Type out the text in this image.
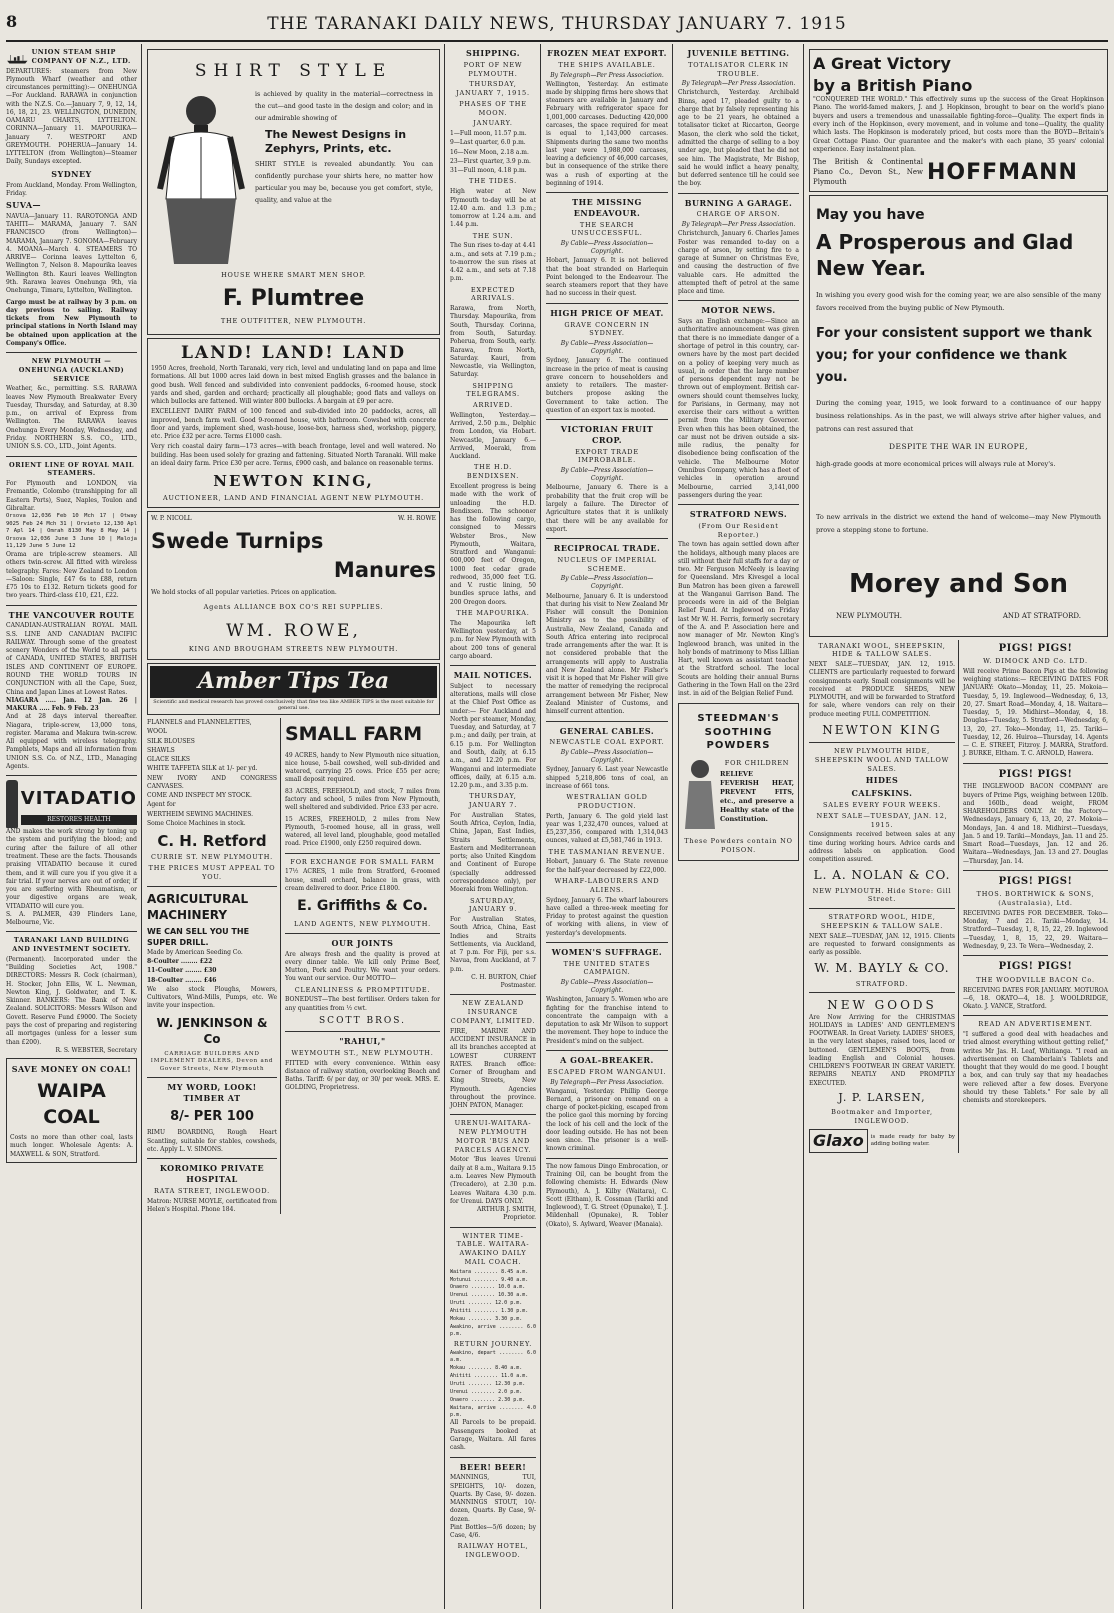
8	THE TARANAKI DAILY NEWS, THURSDAY JANUARY 7. 1915
UNION STEAM SHIP COMPANY OF N.Z., LTD.
DEPARTURES: steamers from New Plymouth Wharf (weather and other circumstances permitting):— ONEHUNGA—For Auckland. RARAWA in conjunction with the N.Z.S. Co.—January 7, 9, 12, 14, 16, 18, 21, 23. WELLINGTON, DUNEDIN, OAMARU CHARTS, LYTTELTON. CORINNA—January 11. MAPOURIKA—January 7. WESTPORT AND GREYMOUTH. POHERUA—January 14. LYTTELTON (from Wellington)—Steamer Daily, Sundays excepted.
SYDNEY
From Auckland, Monday. From Wellington, Friday.
SUVA—
NAVUA—January 11. RAROTONGA AND TAHITI— MARAMA, January 7. SAN FRANCISCO (from Wellington)— MARAMA, January 7. SONOMA—February 4. MOANA—March 4. STEAMERS TO ARRIVE— Corinna leaves Lyttelton 6, Wellington 7, Nelson 8. Mapourika leaves Wellington 8th. Kauri leaves Wellington 9th. Rarawa leaves Onehunga 9th, via Onehunga, Timaru, Lyttelton, Wellington.
Cargo must be at railway by 3 p.m. on day previous to sailing. Railway tickets from New Plymouth to principal stations in North Island may be obtained upon application at the Company's Office.
NEW PLYMOUTH — ONEHUNGA (AUCKLAND) SERVICE
Weather, &c., permitting. S.S. RARAWA leaves New Plymouth Breakwater Every Tuesday, Thursday, and Saturday, at 8.30 p.m., on arrival of Express from Wellington. The RARAWA leaves Onehunga Every Monday, Wednesday, and Friday. NORTHERN S.S. CO., LTD., UNION S.S. CO., LTD., Joint Agents.
ORIENT LINE OF ROYAL MAIL STEAMERS.
For Plymouth and LONDON, via Fremantle, Colombo (transhipping for all Eastern Ports), Suez, Naples, Toulon and Gibraltar.
Orsova 12,036 Feb 10 Mch 17 | Otway 9025 Feb 24 Mch 31 | Orvieto 12,130 Apl 7 Apl 14 | Omrah 8130 May 8 May 14 | Orsova 12,036 June 3 June 10 | Maloja 11,129 June 5 June 12
Orama are triple-screw steamers. All others twin-screw. All fitted with wireless telegraphy. Fares: New Zealand to London—Saloon: Single, £47 6s to £88, return £75 10s to £132. Return tickets good for two years. Third-class £10, £21, £22.
THE VANCOUVER ROUTE
CANADIAN-AUSTRALIAN ROYAL MAIL S.S. LINE AND CANADIAN PACIFIC RAILWAY. Through some of the greatest scenery Wonders of the World to all parts of CANADA, UNITED STATES, BRITISH ISLES AND CONTINENT OF EUROPE. ROUND THE WORLD TOURS IN CONJUNCTION with all the Cape, Suez, China and Japan Lines at Lowest Rates.
NIAGARA ..... Jan. 12 Jan. 26 | MAKURA ..... Feb. 9 Feb. 23
And at 28 days interval thereafter. Niagara, triple-screw, 13,000 tons, register. Marama and Makura twin-screw. All equipped with wireless telegraphy. Pamphlets, Maps and all information from UNION S.S. Co. of N.Z., LTD., Managing Agents.
VITADATIO
RESTORES HEALTH
AND makes the work strong by toning up the system and purifying the blood; and curing after the failure of all other treatment. These are the facts. Thousands praising VITADATIO because it cured them, and it will cure you if you give it a fair trial. If your nerves are out of order, if you are suffering with Rheumatism, or your digestive organs are weak, VITADATIO will cure you.
S. A. PALMER, 439 Flinders Lane, Melbourne, Vic.
TARANAKI LAND BUILDING AND INVESTMENT SOCIETY.
(Permanent). Incorporated under the "Building Societies Act, 1908." DIRECTORS: Messrs R. Cock (chairman), H. Stocker, John Ellis, W. L. Newman, Newton King, J. Goldwater, and T. K. Skinner. BANKERS: The Bank of New Zealand. SOLICITORS: Messrs Wilson and Govett. Reserve Fund £9000. The Society pays the cost of preparing and registering all mortgages (unless for a lesser sum than £200).
R. S. WEBSTER, Secretary
SAVE MONEY ON COAL!
WAIPA COAL
Costs no more than other coal, lasts much longer. Wholesale Agents: A. MAXWELL & SON, Stratford.
SHIRT STYLE
is achieved by quality in the material—correctness in the cut—and good taste in the design and color; and in our admirable showing of
The Newest Designs in Zephyrs, Prints, etc.
SHIRT STYLE is revealed abundantly. You can confidently purchase your shirts here, no matter how particular you may be, because you get comfort, style, quality, and value at the
HOUSE WHERE SMART MEN SHOP.
F. Plumtree
THE OUTFITTER, NEW PLYMOUTH.
LAND! LAND! LAND
1950 Acres, freehold, North Taranaki, very rich, level and undulating land on papa and lime formations. All but 1000 acres laid down in best mixed English grasses and the balance in good bush. Well fenced and subdivided into convenient paddocks, 6-roomed house, stock yards and shed, garden and orchard; practically all ploughable; good flats and valleys on which bullocks are fattened. Will winter 800 bullocks. A bargain at £9 per acre.
EXCELLENT DAIRY FARM of 100 fenced and sub-divided into 20 paddocks, acres, all improved, bench farm well. Good 9-roomed house, with bathroom. Cowshed with concrete floor and yards, implement shed, wash-house, loose-box, harness shed, workshop, piggery, etc. Price £32 per acre. Terms £1000 cash.
Very rich coastal dairy farm—173 acres—with beach frontage, level and well watered. No building. Has been used solely for grazing and fattening. Situated North Taranaki. Will make an ideal dairy farm. Price £30 per acre. Terms, £900 cash, and balance on reasonable terms.
NEWTON KING,
AUCTIONEER, LAND AND FINANCIAL AGENT NEW PLYMOUTH.
W. P. NICOLL	W. H. ROWE
Swede Turnips
Manures
We hold stocks of all popular varieties. Prices on application.
Agents ALLIANCE BOX CO'S REI SUPPLIES.
WM. ROWE,
KING AND BROUGHAM STREETS NEW PLYMOUTH.
Amber Tips Tea
Scientific and medical research has proved conclusively that fine tea like AMBER TIPS is the most suitable for general use.

FLANNELS and FLANNELETTES,

WOOL

SILK BLOUSES

SHAWLS

GLACE SILKS

WHITE TAFFETA SILK at 1/- per yd.

NEW IVORY AND CONGRESS CANVASES.

COME AND INSPECT MY STOCK.

Agent for

WERTHEIM SEWING MACHINES.

Some Choice Machines in stock.

C. H. Retford
CURRIE ST. NEW PLYMOUTH.
THE PRICES MUST APPEAL TO YOU.
AGRICULTURAL MACHINERY
WE CAN SELL YOU THE SUPER DRILL.
Made by American Seeding Co.

8-Coulter ........ £22

11-Coulter ........ £30

18-Coulter ........ £46

We also stock Ploughs, Mowers, Cultivators, Wind-Mills, Pumps, etc. We invite your inspection.
W. JENKINSON & Co
CARRIAGE BUILDERS AND IMPLEMENT DEALERS, Devon and Gover Streets, New Plymouth
MY WORD, LOOK! TIMBER AT
8/- PER 100
RIMU BOARDING, Rough Heart Scantling, suitable for stables, cowsheds, etc. Apply L. V. SIMONS.
KOROMIKO PRIVATE HOSPITAL
RATA STREET, INGLEWOOD.
Matron: NURSE MOYLE, certificated from Helen's Hospital. Phone 184.
SMALL FARM
49 ACRES, handy to New Plymouth nice situation, nice house, 5-bail cowshed, well sub-divided and watered, carrying 25 cows. Price £55 per acre; small deposit required.
83 ACRES, FREEHOLD, and stock, 7 miles from factory and school, 5 miles from New Plymouth, well sheltered and subdivided. Price £33 per acre.
15 ACRES, FREEHOLD, 2 miles from New Plymouth, 5-roomed house, all in grass, well watered, all level land, ploughable, good metalled road. Price £1900, only £250 required down.
FOR EXCHANGE FOR SMALL FARM
17½ ACRES, 1 mile from Stratford, 6-roomed house, small orchard, balance in grass, with cream delivered to door. Price £1800.
E. Griffiths & Co.
LAND AGENTS, NEW PLYMOUTH.
OUR JOINTS
Are always fresh and the quality is proved at every dinner table. We kill only Prime Beef, Mutton, Pork and Poultry. We want your orders. You want our service. Our MOTTO—
CLEANLINESS & PROMPTITUDE.
BONEDUST—The best fertiliser. Orders taken for any quantities from ½ cwt.
SCOTT BROS.
"RAHUI,"
WEYMOUTH ST., NEW PLYMOUTH.
FITTED with every convenience. Within easy distance of railway station, overlooking Beach and Baths. Tariff: 6/ per day, or 30/ per week. MRS. E. GOLDING, Proprietress.
SHIPPING.
PORT OF NEW PLYMOUTH.
THURSDAY, JANUARY 7, 1915.
PHASES OF THE MOON.
JANUARY.

1—Full moon, 11.57 p.m.

9—Last quarter, 6.0 p.m.

16—New Moon, 2.18 a.m.

23—First quarter, 3.9 p.m.

31—Full moon, 4.18 p.m.

THE TIDES.
High water at New Plymouth to-day will be at 12.40 a.m. and 1.3 p.m.; tomorrow at 1.24 a.m. and 1.44 p.m.
THE SUN.
The Sun rises to-day at 4.41 a.m., and sets at 7.19 p.m.; to-morrow the sun rises at 4.42 a.m., and sets at 7.18 p.m.
EXPECTED ARRIVALS.
Rarawa, from North, Thursday. Mapourika, from South, Thursday. Corinna, from South, Saturday. Poherua, from South, early. Rarawa, from North, Saturday. Kauri, from Newcastle, via Wellington, Saturday.
SHIPPING TELEGRAMS.
ARRIVED.
Wellington, Yesterday.—Arrived, 2.50 p.m., Delphic from London, via Hobart. Newcastle, January 6.—Arrived, Moeraki, from Auckland.
THE H.D. BENDIXSEN.
Excellent progress is being made with the work of unloading the H.D. Bendixsen. The schooner has the following cargo, consigned to Messrs Webster Bros., New Plymouth, Waitara, Stratford and Wanganui: 600,000 feet of Oregon, 1000 feet cedar grade redwood, 35,000 feet T.G. and V. rustic lining, 50 bundles spruce laths, and 200 Oregon doors.
THE MAPOURIKA.
The Mapourika left Wellington yesterday, at 5 p.m. for New Plymouth with about 200 tons of general cargo aboard.
MAIL NOTICES.
Subject to necessary alterations, mails will close at the Chief Post Office as under:— For Auckland and North per steamer, Monday, Tuesday, and Saturday, at 7 p.m.; and daily, per train, at 6.15 p.m. For Wellington and South, daily, at 6.15 a.m., and 12.20 p.m. For Wanganui and intermediate offices, daily, at 6.15 a.m. 12.20 p.m., and 3.35 p.m.
THURSDAY, JANUARY 7.
For Australian States, South Africa, Ceylon, India, China, Japan, East Indies, Straits Settlements, Eastern and Mediterranean ports; also United Kingdom and Continent of Europe (specially addressed correspondence only), per Moeraki from Wellington.
SATURDAY, JANUARY 9.
For Australian States, South Africa, China, East Indies and Straits Settlements, via Auckland, at 7 p.m. For Fiji, per s.s. Navua, from Auckland, at 7 p.m.
C. H. BURTON, Chief Postmaster.
NEW ZEALAND INSURANCE COMPANY, LIMITED.
FIRE, MARINE AND ACCIDENT INSURANCE in all its branches accepted at LOWEST CURRENT RATES. Branch office: Corner of Brougham and King Streets, New Plymouth. Agencies throughout the province. JOHN PATON, Manager.
URENUI-WAITARA-NEW PLYMOUTH MOTOR 'BUS AND PARCELS AGENCY.
Motor 'Bus leaves Urenui daily at 8 a.m., Waitara 9.15 a.m. Leaves New Plymouth (Trecadero), at 2.30 p.m. Leaves Waitara 4.30 p.m. for Urenui. DAYS ONLY.
ARTHUR J. SMITH, Proprietor.
WINTER TIME-TABLE. WAITARA-AWAKINO DAILY MAIL COACH.

Waitara ........ 8.45 a.m.

Motunui ........ 9.40 a.m.

Onaero ........ 10.0 a.m.

Urenui ........ 10.30 a.m.

Uruti ........ 12.0 p.m.

Ahititi ........ 1.30 p.m.

Mokau ........ 3.30 p.m.

Awakino, arrive ........ 6.0 p.m.

RETURN JOURNEY.

Awakino, depart ........ 6.0 a.m.

Mokau ........ 8.40 a.m.

Ahititi ........ 11.0 a.m.

Uruti ........ 12.30 p.m.

Urenui ........ 2.0 p.m.

Onaero ........ 2.30 p.m.

Waitara, arrive ........ 4.0 p.m.

All Parcels to be prepaid. Passengers booked at Garage, Waitara. All fares cash.
BEER! BEER!
MANNINGS, TUI, SPEIGHTS, 10/- dozen, Quarts. By Case, 9/- dozen. MANNINGS STOUT, 10/- dozen, Quarts. By Case, 9/- dozen.
Pint Bottles—5/6 dozen; by Case, 4/6.
RAILWAY HOTEL, INGLEWOOD.
FROZEN MEAT EXPORT.
THE SHIPS AVAILABLE.
By Telegraph—Per Press Association.
Wellington, Yesterday. An estimate made by shipping firms here shows that steamers are available in January and February with refrigerator space for 1,001,000 carcases. Deducting 420,000 carcases, the space required for meat is equal to 1,143,000 carcases. Shipments during the same two months last year were 1,988,000 carcases, leaving a deficiency of 46,000 carcases, but in consequence of the strike there was a rush of exporting at the beginning of 1914.
THE MISSING ENDEAVOUR.
THE SEARCH UNSUCCESSFUL.
By Cable—Press Association—Copyright.
Hobart, January 6. It is not believed that the boat stranded on Harlequin Point belonged to the Endeavour. The search steamers report that they have had no success in their quest.
HIGH PRICE OF MEAT.
GRAVE CONCERN IN SYDNEY.
By Cable—Press Association—Copyright.
Sydney, January 6. The continued increase in the price of meat is causing grave concern to householders and anxiety to retailers. The master-butchers propose asking the Government to take action. The question of an export tax is mooted.
VICTORIAN FRUIT CROP.
EXPORT TRADE IMPROBABLE.
By Cable—Press Association—Copyright.
Melbourne, January 6. There is a probability that the fruit crop will be largely a failure. The Director of Agriculture states that it is unlikely that there will be any available for export.
RECIPROCAL TRADE.
NUCLEUS OF IMPERIAL SCHEME.
By Cable—Press Association—Copyright.
Melbourne, January 6. It is understood that during his visit to New Zealand Mr Fisher will consult the Dominion Ministry as to the possibility of Australia, New Zealand, Canada and South Africa entering into reciprocal trade arrangements after the war. It is not considered probable that the arrangements will apply to Australia and New Zealand alone. Mr Fisher's visit it is hoped that Mr Fisher will give the matter of remedying the reciprocal arrangement between Mr Fisher, New Zealand Minister of Customs, and himself current attention.
GENERAL CABLES.
NEWCASTLE COAL EXPORT.
By Cable—Press Association—Copyright.
Sydney, January 6. Last year Newcastle shipped 5,218,806 tons of coal, an increase of 661 tons.
WESTRALIAN GOLD PRODUCTION.
Perth, January 6. The gold yield last year was 1,232,470 ounces, valued at £5,237,356, compared with 1,314,043 ounces, valued at £5,581,746 in 1913.
THE TASMANIAN REVENUE.
Hobart, January 6. The State revenue for the half-year decreased by £22,000.
WHARF-LABOURERS AND ALIENS.
Sydney, January 6. The wharf labourers have called a three-week meeting for Friday to protest against the question of working with aliens, in view of yesterday's developments.
WOMEN'S SUFFRAGE.
THE UNITED STATES CAMPAIGN.
By Cable—Press Association—Copyright.
Washington, January 5. Women who are fighting for the franchise intend to concentrate the campaign with a deputation to ask Mr Wilson to support the movement. They hope to induce the President's mind on the subject.
A GOAL-BREAKER.
ESCAPED FROM WANGANUI.
By Telegraph—Per Press Association.
Wanganui, Yesterday. Phillip George Bernard, a prisoner on remand on a charge of pocket-picking, escaped from the police gaol this morning by forcing the lock of his cell and the lock of the door leading outside. He has not been seen since. The prisoner is a well-known criminal.
The now famous Dingo Embrocation, or Training Oil, can be bought from the following chemists: H. Edwards (New Plymouth), A. J. Kilby (Waitara), C. Scott (Eltham), R. Cossman (Tariki and Inglewood), T. G. Street (Opunake), T. J. Mildenhall (Opunake), R. Tobler (Okato), S. Aylward, Weaver (Manaia).
JUVENILE BETTING.
TOTALISATOR CLERK IN TROUBLE.
By Telegraph—Per Press Association.
Christchurch, Yesterday. Archibald Binns, aged 17, pleaded guilty to a charge that by falsely representing his age to be 21 years, he obtained a totalisator ticket at Riccarton, George Mason, the clerk who sold the ticket, admitted the charge of selling to a boy under age, but pleaded that he did not see him. The Magistrate, Mr Bishop, said he would inflict a heavy penalty, but deferred sentence till he could see the boy.
BURNING A GARAGE.
CHARGE OF ARSON.
By Telegraph—Per Press Association.
Christchurch, January 6. Charles James Foster was remanded to-day on a charge of arson, by setting fire to a garage at Sumner on Christmas Eve, and causing the destruction of five valuable cars. He admitted the attempted theft of petrol at the same place and time.
MOTOR NEWS.
Says an English exchange:—Since an authoritative announcement was given that there is no immediate danger of a shortage of petrol in this country, car-owners have by the most part decided on a policy of keeping very much as usual, in order that the large number of persons dependent may not be thrown out of employment. British car-owners should count themselves lucky, for Parisians, in Germany, may not exercise their cars without a written permit from the Military Governor. Even when this has been obtained, the car must not be driven outside a six-mile radius, the penalty for disobedience being confiscation of the vehicle. The Melbourne Motor Omnibus Company, which has a fleet of vehicles in operation around Melbourne, carried 3,141,000 passengers during the year.
STRATFORD NEWS.
(From Our Resident Reporter.)
The town has again settled down after the holidays, although many places are still without their full staffs for a day or two. Mr Ferguson McNeely is leaving for Queensland. Mrs Kivesgel a local Bun Matron has been given a farewell at the Wanganui Garrison Band. The proceeds were in aid of the Belgian Relief Fund. At Inglewood on Friday last Mr W. H. Ferris, formerly secretary of the A. and P. Association here and now manager of Mr. Newton King's Inglewood branch, was united in the holy bonds of matrimony to Miss Lillian Hart, well known as assistant teacher at the Stratford school. The local Scouts are holding their annual Burns Gathering in the Town Hall on the 23rd inst. in aid of the Belgian Relief Fund.
STEEDMAN'S SOOTHING POWDERS
FOR CHILDREN
RELIEVE FEVERISH HEAT, PREVENT FITS, etc., and preserve a Healthy state of the Constitution.
These Powders contain NO POISON.
A Great Victory
by a British Piano
"CONQUERED THE WORLD." This effectively sums up the success of the Great Hopkinson Piano. The world-famed makers, J. and J. Hopkinson, brought to bear on the world's piano buyers and users a tremendous and unassailable fighting-force—Quality. The expert finds in every inch of the Hopkinson, every movement, and in volume and tone—Quality, the quality which lasts. The Hopkinson is moderately priced, but costs more than the BOYD—Britain's Great Cottage Piano. Our guarantee and the maker's with each piano, 35 years' colonial experience. Easy instalment plan.
The British & Continental Piano Co., Devon St., New Plymouth	HOFFMANN
May you have
A Prosperous and Glad New Year.
In wishing you every good wish for the coming year, we are also sensible of the many favors received from the buying public of New Plymouth.
For your consistent support we thank you; for your confidence we thank you.
During the coming year, 1915, we look forward to a continuance of our happy business relationships. As in the past, we will always strive after higher values, and patrons can rest assured that
DESPITE THE WAR IN EUROPE,
high-grade goods at more economical prices will always rule at Morey's.
To new arrivals in the district we extend the hand of welcome—may New Plymouth prove a stepping stone to fortune.
Morey and Son
NEW PLYMOUTH.	AND AT STRATFORD.
TARANAKI WOOL, SHEEPSKIN, HIDE & TALLOW SALES.
NEXT SALE—TUESDAY, JAN. 12, 1915. CLIENTS are particularly requested to forward consignments early. Small consignments will be received at PRODUCE SHEDS, NEW PLYMOUTH, and will be forwarded to Stratford for sale, where vendors can rely on their produce meeting FULL COMPETITION.
NEWTON KING
NEW PLYMOUTH HIDE, SHEEPSKIN WOOL AND TALLOW SALES.
HIDES
CALFSKINS.
SALES EVERY FOUR WEEKS.
NEXT SALE—TUESDAY, JAN. 12, 1915.
Consignments received between sales at any time during working hours. Advice cards and address labels on application. Good competition assured.
L. A. NOLAN & CO.
NEW PLYMOUTH. Hide Store: Gill Street.
STRATFORD WOOL, HIDE, SHEEPSKIN & TALLOW SALE.
NEXT SALE—TUESDAY, JAN. 12, 1915. Clients are requested to forward consignments as early as possible.
W. M. BAYLY & CO.
STRATFORD.
NEW GOODS
Are Now Arriving for the CHRISTMAS HOLIDAYS in LADIES' AND GENTLEMEN'S FOOTWEAR. In Great Variety. LADIES' SHOES, in the very latest shapes, raised toes, laced or buttoned. GENTLEMEN'S BOOTS, from leading English and Colonial houses. CHILDREN'S FOOTWEAR IN GREAT VARIETY. REPAIRS NEATLY AND PROMPTLY EXECUTED.
J. P. LARSEN,
Bootmaker and Importer, INGLEWOOD.
Glaxo	is made ready for baby by adding boiling water.
PIGS! PIGS!
W. DIMOCK AND Co. LTD.
Will receive Prime Bacon Pigs at the following weighing stations:— RECEIVING DATES FOR JANUARY: Okato—Monday, 11, 25. Mokoia—Tuesday, 5, 19. Inglewood—Wednesday, 6, 13, 20, 27. Smart Road—Monday, 4, 18. Waitara—Tuesday, 5, 19. Midhirst—Monday, 4, 18. Douglas—Tuesday, 5. Stratford—Wednesday, 6, 13, 20, 27. Toko—Monday, 11, 25. Tariki—Tuesday, 12, 26. Huiroa—Thursday, 14. Agents— C. E. STREET, Fitzroy. J. MARRA, Stratford. J. BURKE, Eltham. T. C. ARNOLD, Hawera.
PIGS! PIGS!
THE INGLEWOOD BACON COMPANY are buyers of Prime Pigs, weighing between 120lb. and 160lb., dead weight, FROM SHAREHOLDERS ONLY. At the Factory—Wednesdays, January 6, 13, 20, 27. Mokoia—Mondays, Jan. 4 and 18. Midhirst—Tuesdays, Jan. 5 and 19. Tariki—Mondays, Jan. 11 and 25. Smart Road—Tuesdays, Jan. 12 and 26. Waitara—Wednesdays, Jan. 13 and 27. Douglas—Thursday, Jan. 14.
PIGS! PIGS!
THOS. BORTHWICK & SONS, (Australasia), Ltd.
RECEIVING DATES FOR DECEMBER. Toko—Monday, 7 and 21. Tariki—Monday, 14. Stratford—Tuesday, 1, 8, 15, 22, 29. Inglewood—Tuesday, 1, 8, 15, 22, 29. Waitara—Wednesday, 9, 23. Te Wera—Wednesday, 2.
PIGS! PIGS!
THE WOODVILLE BACON Co.
RECEIVING DATES FOR JANUARY. MOTUROA—6, 18. OKATO—4, 18. J. WOOLDRIDGE, Okato. J. VANCE, Stratford.
READ AN ADVERTISEMENT.
"I suffered a good deal with headaches and tried almost everything without getting relief," writes Mr Jas. H. Leaf, Whitianga. "I read an advertisement on Chamberlain's Tablets and thought that they would do me good. I bought a box, and can truly say that my headaches were relieved after a few doses. Everyone should try these Tablets." For sale by all chemists and storekeepers.
